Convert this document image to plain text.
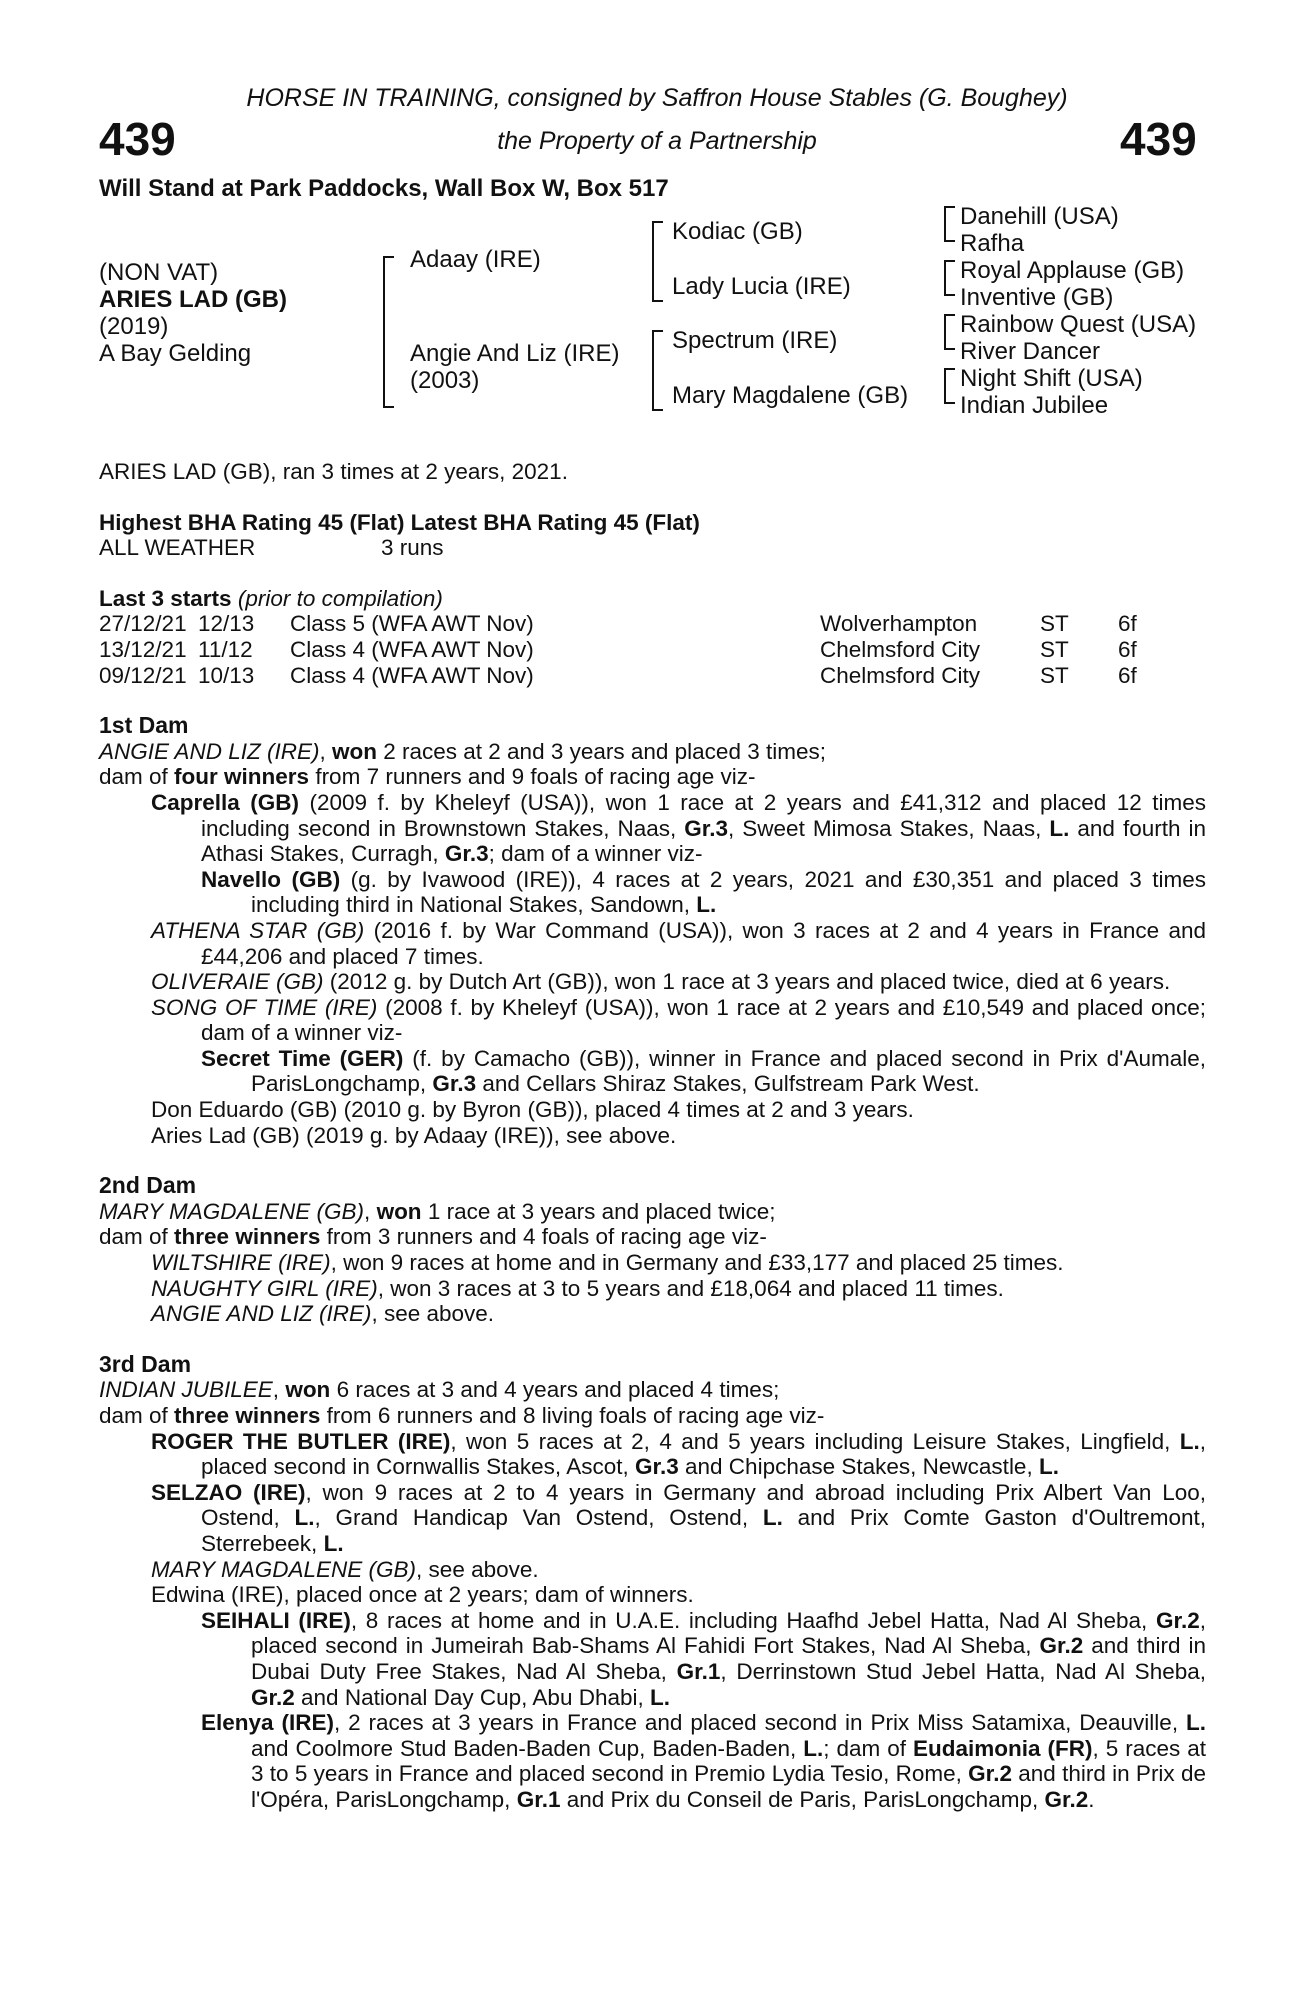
HORSE IN TRAINING, consigned by Saffron House Stables (G. Boughey)
the Property of a Partnership
439	439
Will Stand at Park Paddocks, Wall Box W, Box 517
(NON VAT)
ARIES LAD (GB)
(2019)
A Bay Gelding
Adaay (IRE)
Angie And Liz (IRE)
(2003)
Kodiac (GB)
Lady Lucia (IRE)
Spectrum (IRE)
Mary Magdalene (GB)
Danehill (USA)
Rafha
Royal Applause (GB)
Inventive (GB)
Rainbow Quest (USA)
River Dancer
Night Shift (USA)
Indian Jubilee
ARIES LAD (GB), ran 3 times at 2 years, 2021.
Highest BHA Rating 45 (Flat) Latest BHA Rating 45 (Flat)
ALL WEATHER	3 runs
Last 3 starts (prior to compilation)
27/12/21 12/13 Class 5 (WFA AWT Nov)	Wolverhampton	ST 6f
13/12/21 11/12 Class 4 (WFA AWT Nov)	Chelmsford City	ST 6f
09/12/21 10/13 Class 4 (WFA AWT Nov)	Chelmsford City	ST 6f
1st Dam
ANGIE AND LIZ (IRE), won 2 races at 2 and 3 years and placed 3 times;
dam of four winners from 7 runners and 9 foals of racing age viz-
Caprella (GB) (2009 f. by Kheleyf (USA)), won 1 race at 2 years and £41,312 and placed 12 times including second in Brownstown Stakes, Naas, Gr.3, Sweet Mimosa Stakes, Naas, L. and fourth in Athasi Stakes, Curragh, Gr.3; dam of a winner viz-
Navello (GB) (g. by Ivawood (IRE)), 4 races at 2 years, 2021 and £30,351 and placed 3 times including third in National Stakes, Sandown, L.
ATHENA STAR (GB) (2016 f. by War Command (USA)), won 3 races at 2 and 4 years in France and £44,206 and placed 7 times.
OLIVERAIE (GB) (2012 g. by Dutch Art (GB)), won 1 race at 3 years and placed twice, died at 6 years.
SONG OF TIME (IRE) (2008 f. by Kheleyf (USA)), won 1 race at 2 years and £10,549 and placed once; dam of a winner viz-
Secret Time (GER) (f. by Camacho (GB)), winner in France and placed second in Prix d'Aumale, ParisLongchamp, Gr.3 and Cellars Shiraz Stakes, Gulfstream Park West.
Don Eduardo (GB) (2010 g. by Byron (GB)), placed 4 times at 2 and 3 years.
Aries Lad (GB) (2019 g. by Adaay (IRE)), see above.
2nd Dam
MARY MAGDALENE (GB), won 1 race at 3 years and placed twice;
dam of three winners from 3 runners and 4 foals of racing age viz-
WILTSHIRE (IRE), won 9 races at home and in Germany and £33,177 and placed 25 times.
NAUGHTY GIRL (IRE), won 3 races at 3 to 5 years and £18,064 and placed 11 times.
ANGIE AND LIZ (IRE), see above.
3rd Dam
INDIAN JUBILEE, won 6 races at 3 and 4 years and placed 4 times;
dam of three winners from 6 runners and 8 living foals of racing age viz-
ROGER THE BUTLER (IRE), won 5 races at 2, 4 and 5 years including Leisure Stakes, Lingfield, L., placed second in Cornwallis Stakes, Ascot, Gr.3 and Chipchase Stakes, Newcastle, L.
SELZAO (IRE), won 9 races at 2 to 4 years in Germany and abroad including Prix Albert Van Loo, Ostend, L., Grand Handicap Van Ostend, Ostend, L. and Prix Comte Gaston d'Oultremont, Sterrebeek, L.
MARY MAGDALENE (GB), see above.
Edwina (IRE), placed once at 2 years; dam of winners.
SEIHALI (IRE), 8 races at home and in U.A.E. including Haafhd Jebel Hatta, Nad Al Sheba, Gr.2, placed second in Jumeirah Bab-Shams Al Fahidi Fort Stakes, Nad Al Sheba, Gr.2 and third in Dubai Duty Free Stakes, Nad Al Sheba, Gr.1, Derrinstown Stud Jebel Hatta, Nad Al Sheba, Gr.2 and National Day Cup, Abu Dhabi, L.
Elenya (IRE), 2 races at 3 years in France and placed second in Prix Miss Satamixa, Deauville, L. and Coolmore Stud Baden-Baden Cup, Baden-Baden, L.; dam of Eudaimonia (FR), 5 races at 3 to 5 years in France and placed second in Premio Lydia Tesio, Rome, Gr.2 and third in Prix de l'Opéra, ParisLongchamp, Gr.1 and Prix du Conseil de Paris, ParisLongchamp, Gr.2.
